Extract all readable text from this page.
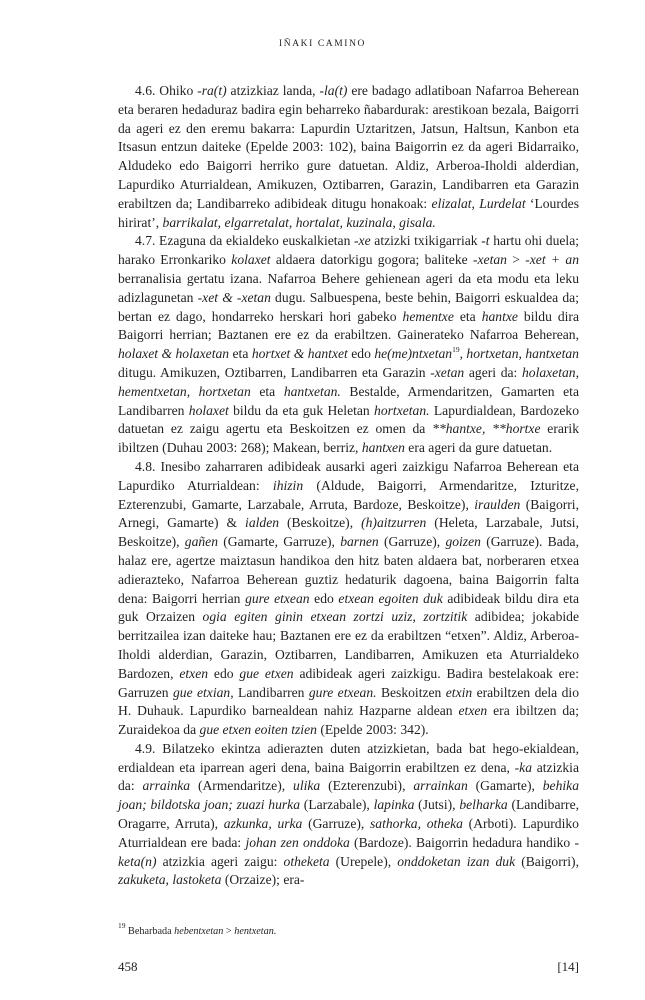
IÑAKI CAMINO

4.6. Ohiko -ra(t) atzizkiaz landa, -la(t) ere badago adlatiboan Nafarroa Beherean eta beraren hedaduraz badira egin beharreko ñabardurak: arestikoan bezala, Baigorri da ageri ez den eremu bakarra: Lapurdin Uztaritzen, Jatsun, Haltsun, Kanbon eta Itsasun entzun daiteke (Epelde 2003: 102), baina Baigorrin ez da ageri Bidarraiko, Aldudeko edo Baigorri herriko gure datuetan. Aldiz, Arberoa-Iholdi alderdian, Lapurdiko Aturrialdean, Amikuzen, Oztibarren, Garazin, Landibarren eta Garazin erabiltzen da; Landibarreko adibideak ditugu honakoak: elizalat, Lurdelat ‘Lourdes hirirat’, barrikalat, elgarretalat, hortalat, kuzinala, gisala.

4.7. Ezaguna da ekialdeko euskalkietan -xe atzizki txikigarriak -t hartu ohi duela; harako Erronkariko kolaxet aldaera datorkigu gogora; baliteke -xetan > -xet + an berranalisia gertatu izana. Nafarroa Behere gehienean ageri da eta modu eta leku adizlagunetan -xet & -xetan dugu. Salbuespena, beste behin, Baigorri eskualdea da; bertan ez dago, hondarreko herskari hori gabeko hementxe eta hantxe bildu dira Baigorri herrian; Baztanen ere ez da erabiltzen. Gainerateko Nafarroa Beherean, holaxet & holaxetan eta hortxet & hantxet edo he(me)ntxetan$^{19}$, hortxetan, hantxetan ditugu. Amikuzen, Oztibarren, Landibarren eta Garazin -xetan ageri da: holaxetan, hementxetan, hortxetan eta hantxetan. Bestalde, Armendaritzen, Gamarten eta Landibarren holaxet bildu da eta guk Heletan hortxetan. Lapurdialdean, Bardozeko datuetan ez zaigu agertu eta Beskoitzen ez omen da **hantxe, **hortxe erarik ibiltzen (Duhau 2003: 268); Makean, berriz, hantxen era ageri da gure datuetan.

4.8. Inesibo zaharraren adibideak ausarki ageri zaizkigu Nafarroa Beherean eta Lapurdiko Aturrialdean: ihizin (Aldude, Baigorri, Armendaritze, Izturitze, Ezterenzubi, Gamarte, Larzabale, Arruta, Bardoze, Beskoitze), iraulden (Baigorri, Arnegi, Gamarte) & ialden (Beskoitze), (h)aitzurren (Heleta, Larzabale, Jutsi, Beskoitze), gañen (Gamarte, Garruze), barnen (Garruze), goizen (Garruze). Bada, halaz ere, agertze maiztasun handikoa den hitz baten aldaera bat, norberaren etxea adierazteko, Nafarroa Beherean guztiz hedaturik dagoena, baina Baigorrin falta dena: Baigorri herrian gure etxean edo etxean egoiten duk adibideak bildu dira eta guk Orzaizen ogia egiten ginin etxean zortzi uziz, zortzitik adibidea; jokabide berritzailea izan daiteke hau; Baztanen ere ez da erabiltzen “etxen”. Aldiz, Arberoa-Iholdi alderdian, Garazin, Oztibarren, Landibarren, Amikuzen eta Aturrialdeko Bardozen, etxen edo gue etxen adibideak ageri zaizkigu. Badira bestelakoak ere: Garruzen gue etxian, Landibarren gure etxean. Beskoitzen etxin erabiltzen dela dio H. Duhauk. Lapurdiko barnealdean nahiz Hazparne aldean etxen era ibiltzen da; Zuraidekoa da gue etxen eoiten tzien (Epelde 2003: 342).

4.9. Bilatzeko ekintza adierazten duten atzizkietan, bada bat hego-ekialdean, erdialdean eta iparrean ageri dena, baina Baigorrin erabiltzen ez dena, -ka atzizkia da: arrainka (Armendaritze), ulika (Ezterenzubi), arrainkan (Gamarte), behika joan; bildotska joan; zuazi hurka (Larzabale), lapinka (Jutsi), belharka (Landibarre, Oragarre, Arruta), azkunka, urka (Garruze), sathorka, otheka (Arboti). Lapurdiko Aturrialdean ere bada: johan zen onddoka (Bardoze). Baigorrin hedadura handiko -keta(n) atzizkia ageri zaigu: otheketa (Urepele), onddoketan izan duk (Baigorri), zakuketa, lastoketa (Orzaize); era-

$^{19}$ Beharbada hebentxetan > hentxetan.

458	[14]
